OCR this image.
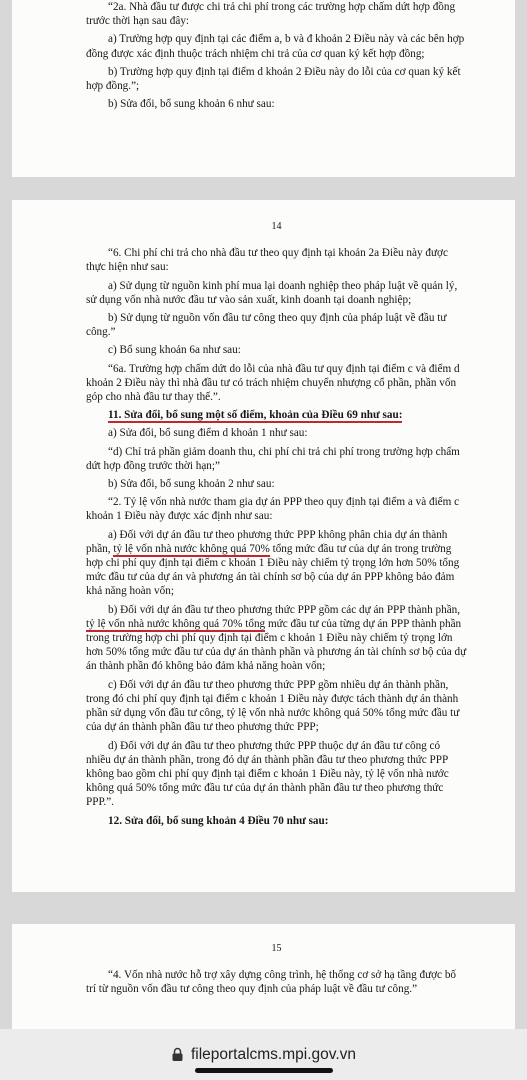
“2a. Nhà đầu tư được chi trả chi phí trong các trường hợp chấm dứt hợp đồng trước thời hạn sau đây:

a) Trường hợp quy định tại các điểm a, b và đ khoản 2 Điều này và các bên hợp đồng được xác định thuộc trách nhiệm chi trả của cơ quan ký kết hợp đồng;

b) Trường hợp quy định tại điểm d khoản 2 Điều này do lỗi của cơ quan ký kết hợp đồng.”;

b) Sửa đổi, bổ sung khoản 6 như sau:

14

“6. Chi phí chi trả cho nhà đầu tư theo quy định tại khoản 2a Điều này được thực hiện như sau:

a) Sử dụng từ nguồn kinh phí mua lại doanh nghiệp theo pháp luật về quản lý, sử dụng vốn nhà nước đầu tư vào sản xuất, kinh doanh tại doanh nghiệp;

b) Sử dụng từ nguồn vốn đầu tư công theo quy định của pháp luật về đầu tư công.”

c) Bổ sung khoản 6a như sau:

“6a. Trường hợp chấm dứt do lỗi của nhà đầu tư quy định tại điểm c và điểm d khoản 2 Điều này thì nhà đầu tư có trách nhiệm chuyển nhượng cổ phần, phần vốn góp cho nhà đầu tư thay thế.”.

11. Sửa đổi, bổ sung một số điểm, khoản của Điều 69 như sau:

a) Sửa đổi, bổ sung điểm d khoản 1 như sau:

“d) Chỉ trả phần giảm doanh thu, chi phí chi trả chi phí trong trường hợp chấm dứt hợp đồng trước thời hạn;”

b) Sửa đổi, bổ sung khoản 2 như sau:

“2. Tỷ lệ vốn nhà nước tham gia dự án PPP theo quy định tại điểm a và điểm c khoản 1 Điều này được xác định như sau:

a) Đối với dự án đầu tư theo phương thức PPP không phân chia dự án thành phần, tỷ lệ vốn nhà nước không quá 70% tổng mức đầu tư của dự án trong trường hợp chi phí quy định tại điểm c khoản 1 Điều này chiếm tỷ trọng lớn hơn 50% tổng mức đầu tư của dự án và phương án tài chính sơ bộ của dự án PPP không bảo đảm khả năng hoàn vốn;

b) Đối với dự án đầu tư theo phương thức PPP gồm các dự án PPP thành phần, tỷ lệ vốn nhà nước không quá 70% tổng mức đầu tư của từng dự án PPP thành phần trong trường hợp chi phí quy định tại điểm c khoản 1 Điều này chiếm tỷ trọng lớn hơn 50% tổng mức đầu tư của dự án thành phần và phương án tài chính sơ bộ của dự án thành phần đó không bảo đảm khả năng hoàn vốn;

c) Đối với dự án đầu tư theo phương thức PPP gồm nhiều dự án thành phần, trong đó chi phí quy định tại điểm c khoản 1 Điều này được tách thành dự án thành phần sử dụng vốn đầu tư công, tỷ lệ vốn nhà nước không quá 50% tổng mức đầu tư của dự án thành phần đầu tư theo phương thức PPP;

d) Đối với dự án đầu tư theo phương thức PPP thuộc dự án đầu tư công có nhiều dự án thành phần, trong đó dự án thành phần đầu tư theo phương thức PPP không bao gồm chi phí quy định tại điểm c khoản 1 Điều này, tỷ lệ vốn nhà nước không quá 50% tổng mức đầu tư của dự án thành phần đầu tư theo phương thức PPP.”.

12. Sửa đổi, bổ sung khoản 4 Điều 70 như sau:

15

“4. Vốn nhà nước hỗ trợ xây dựng công trình, hệ thống cơ sở hạ tầng được bố trí từ nguồn vốn đầu tư công theo quy định của pháp luật về đầu tư công.”

fileportalcms.mpi.gov.vn
